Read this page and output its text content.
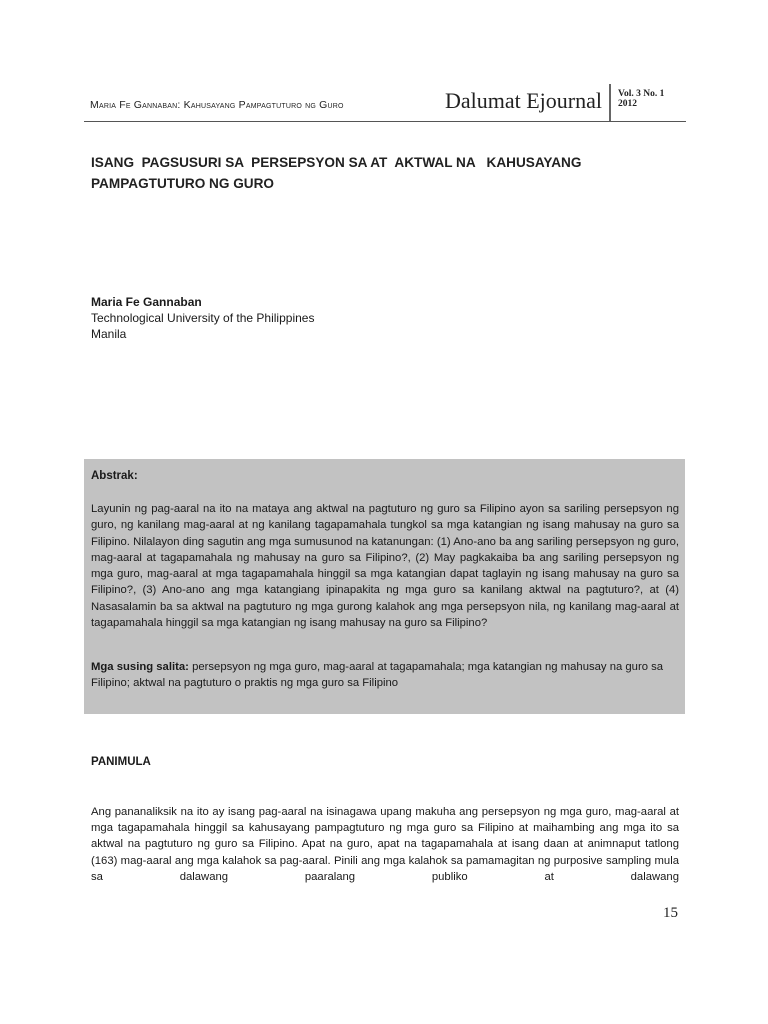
Maria Fe Gannaban: Kahusayang Pampagtuturo ng Guro	Dalumat Ejournal Vol. 3 No. 1
2012
ISANG  PAGSUSURI SA  PERSEPSYON SA AT  AKTWAL NA   KAHUSAYANG
PAMPAGTUTURO NG GURO
Maria Fe Gannaban
Technological University of the Philippines
Manila
Abstrak:
Layunin ng pag-aaral na ito na mataya ang aktwal na pagtuturo ng guro sa Filipino ayon sa sariling persepsyon ng guro, ng kanilang mag-aaral at ng kanilang tagapamahala tungkol sa mga katangian ng isang mahusay na guro sa Filipino. Nilalayon ding sagutin ang mga sumusunod na katanungan: (1) Ano-ano ba ang sariling persepsyon ng guro, mag-aaral at tagapamahala ng mahusay na guro sa Filipino?, (2) May pagkakaiba ba ang sariling persepsyon ng mga guro, mag-aaral at mga tagapamahala hinggil sa mga katangian dapat taglayin ng isang mahusay na guro sa Filipino?, (3) Ano-ano ang mga katangiang ipinapakita ng mga guro sa kanilang aktwal na pagtuturo?, at (4) Nasasalamin ba sa aktwal na pagtuturo ng mga gurong kalahok ang mga persepsyon nila, ng kanilang mag-aaral at tagapamahala hinggil sa mga katangian ng isang mahusay na guro sa Filipino?
Mga susing salita: persepsyon ng mga guro, mag-aaral at tagapamahala; mga katangian ng mahusay na guro sa Filipino; aktwal na pagtuturo o praktis ng mga guro sa Filipino
PANIMULA
Ang pananaliksik na ito ay isang pag-aaral na isinagawa upang makuha ang persepsyon ng mga guro, mag-aaral at mga tagapamahala hinggil sa kahusayang pampagtuturo ng mga guro sa Filipino at maihambing ang mga ito sa aktwal na pagtuturo ng guro sa Filipino. Apat na guro, apat na tagapamahala at isang daan at animnaput tatlong (163) mag-aaral ang mga kalahok sa pag-aaral. Pinili ang mga kalahok sa pamamagitan ng purposive sampling mula sa dalawang paaralang publiko at dalawang
15
